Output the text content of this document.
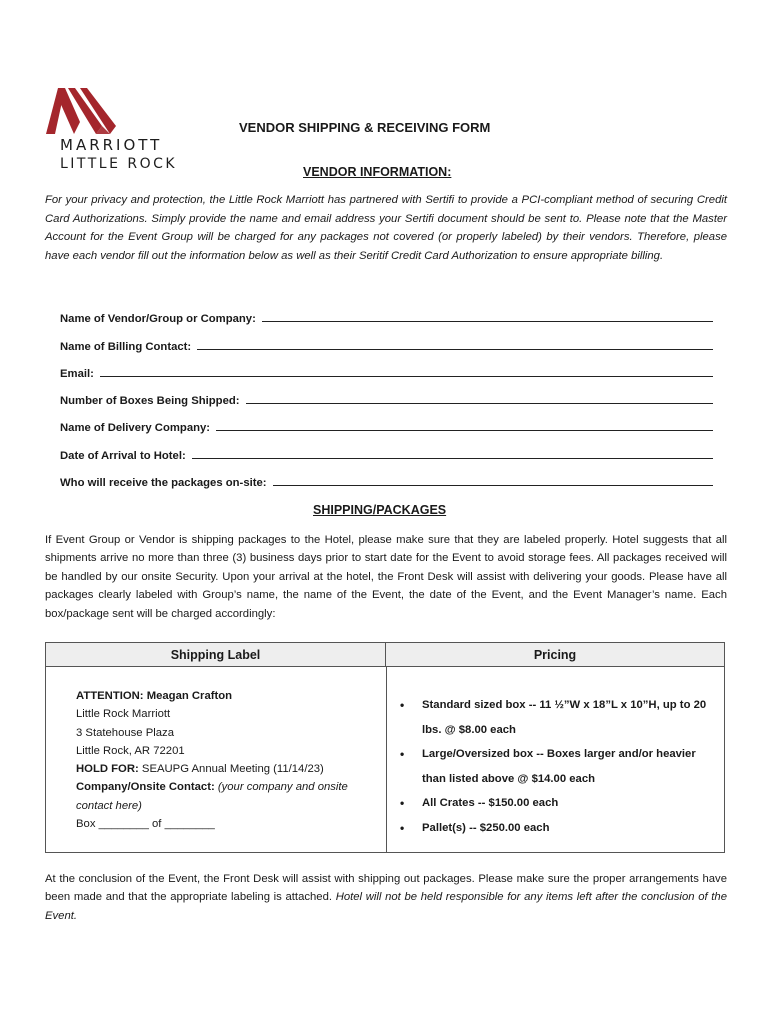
MARRIOTT
LITTLE ROCK
VENDOR SHIPPING & RECEIVING FORM
VENDOR INFORMATION:
For your privacy and protection, the Little Rock Marriott has partnered with Sertifi to provide a PCI-compliant method of securing Credit Card Authorizations. Simply provide the name and email address your Sertifi document should be sent to. Please note that the Master Account for the Event Group will be charged for any packages not covered (or properly labeled) by their vendors. Therefore, please have each vendor fill out the information below as well as their Seritif Credit Card Authorization to ensure appropriate billing.
Name of Vendor/Group or Company:
Name of Billing Contact:
Email:
Number of Boxes Being Shipped:
Name of Delivery Company:
Date of Arrival to Hotel:
Who will receive the packages on-site:
SHIPPING/PACKAGES
If Event Group or Vendor is shipping packages to the Hotel, please make sure that they are labeled properly. Hotel suggests that all shipments arrive no more than three (3) business days prior to start date for the Event to avoid storage fees. All packages received will be handled by our onsite Security. Upon your arrival at the hotel, the Front Desk will assist with delivering your goods. Please have all packages clearly labeled with Group’s name, the name of the Event, the date of the Event, and the Event Manager’s name. Each box/package sent will be charged accordingly:
Shipping Label	Pricing
ATTENTION: Meagan Crafton
Little Rock Marriott
3 Statehouse Plaza
Little Rock, AR 72201
HOLD FOR: SEAUPG Annual Meeting (11/14/23)
Company/Onsite Contact: (your company and onsite contact here)
Box ________ of ________
• Standard sized box -- 11 ½”W x 18”L x 10”H, up to 20 lbs. @ $8.00 each
• Large/Oversized box -- Boxes larger and/or heavier than listed above @ $14.00 each
• All Crates -- $150.00 each
• Pallet(s) -- $250.00 each
At the conclusion of the Event, the Front Desk will assist with shipping out packages. Please make sure the proper arrangements have been made and that the appropriate labeling is attached. Hotel will not be held responsible for any items left after the conclusion of the Event.
